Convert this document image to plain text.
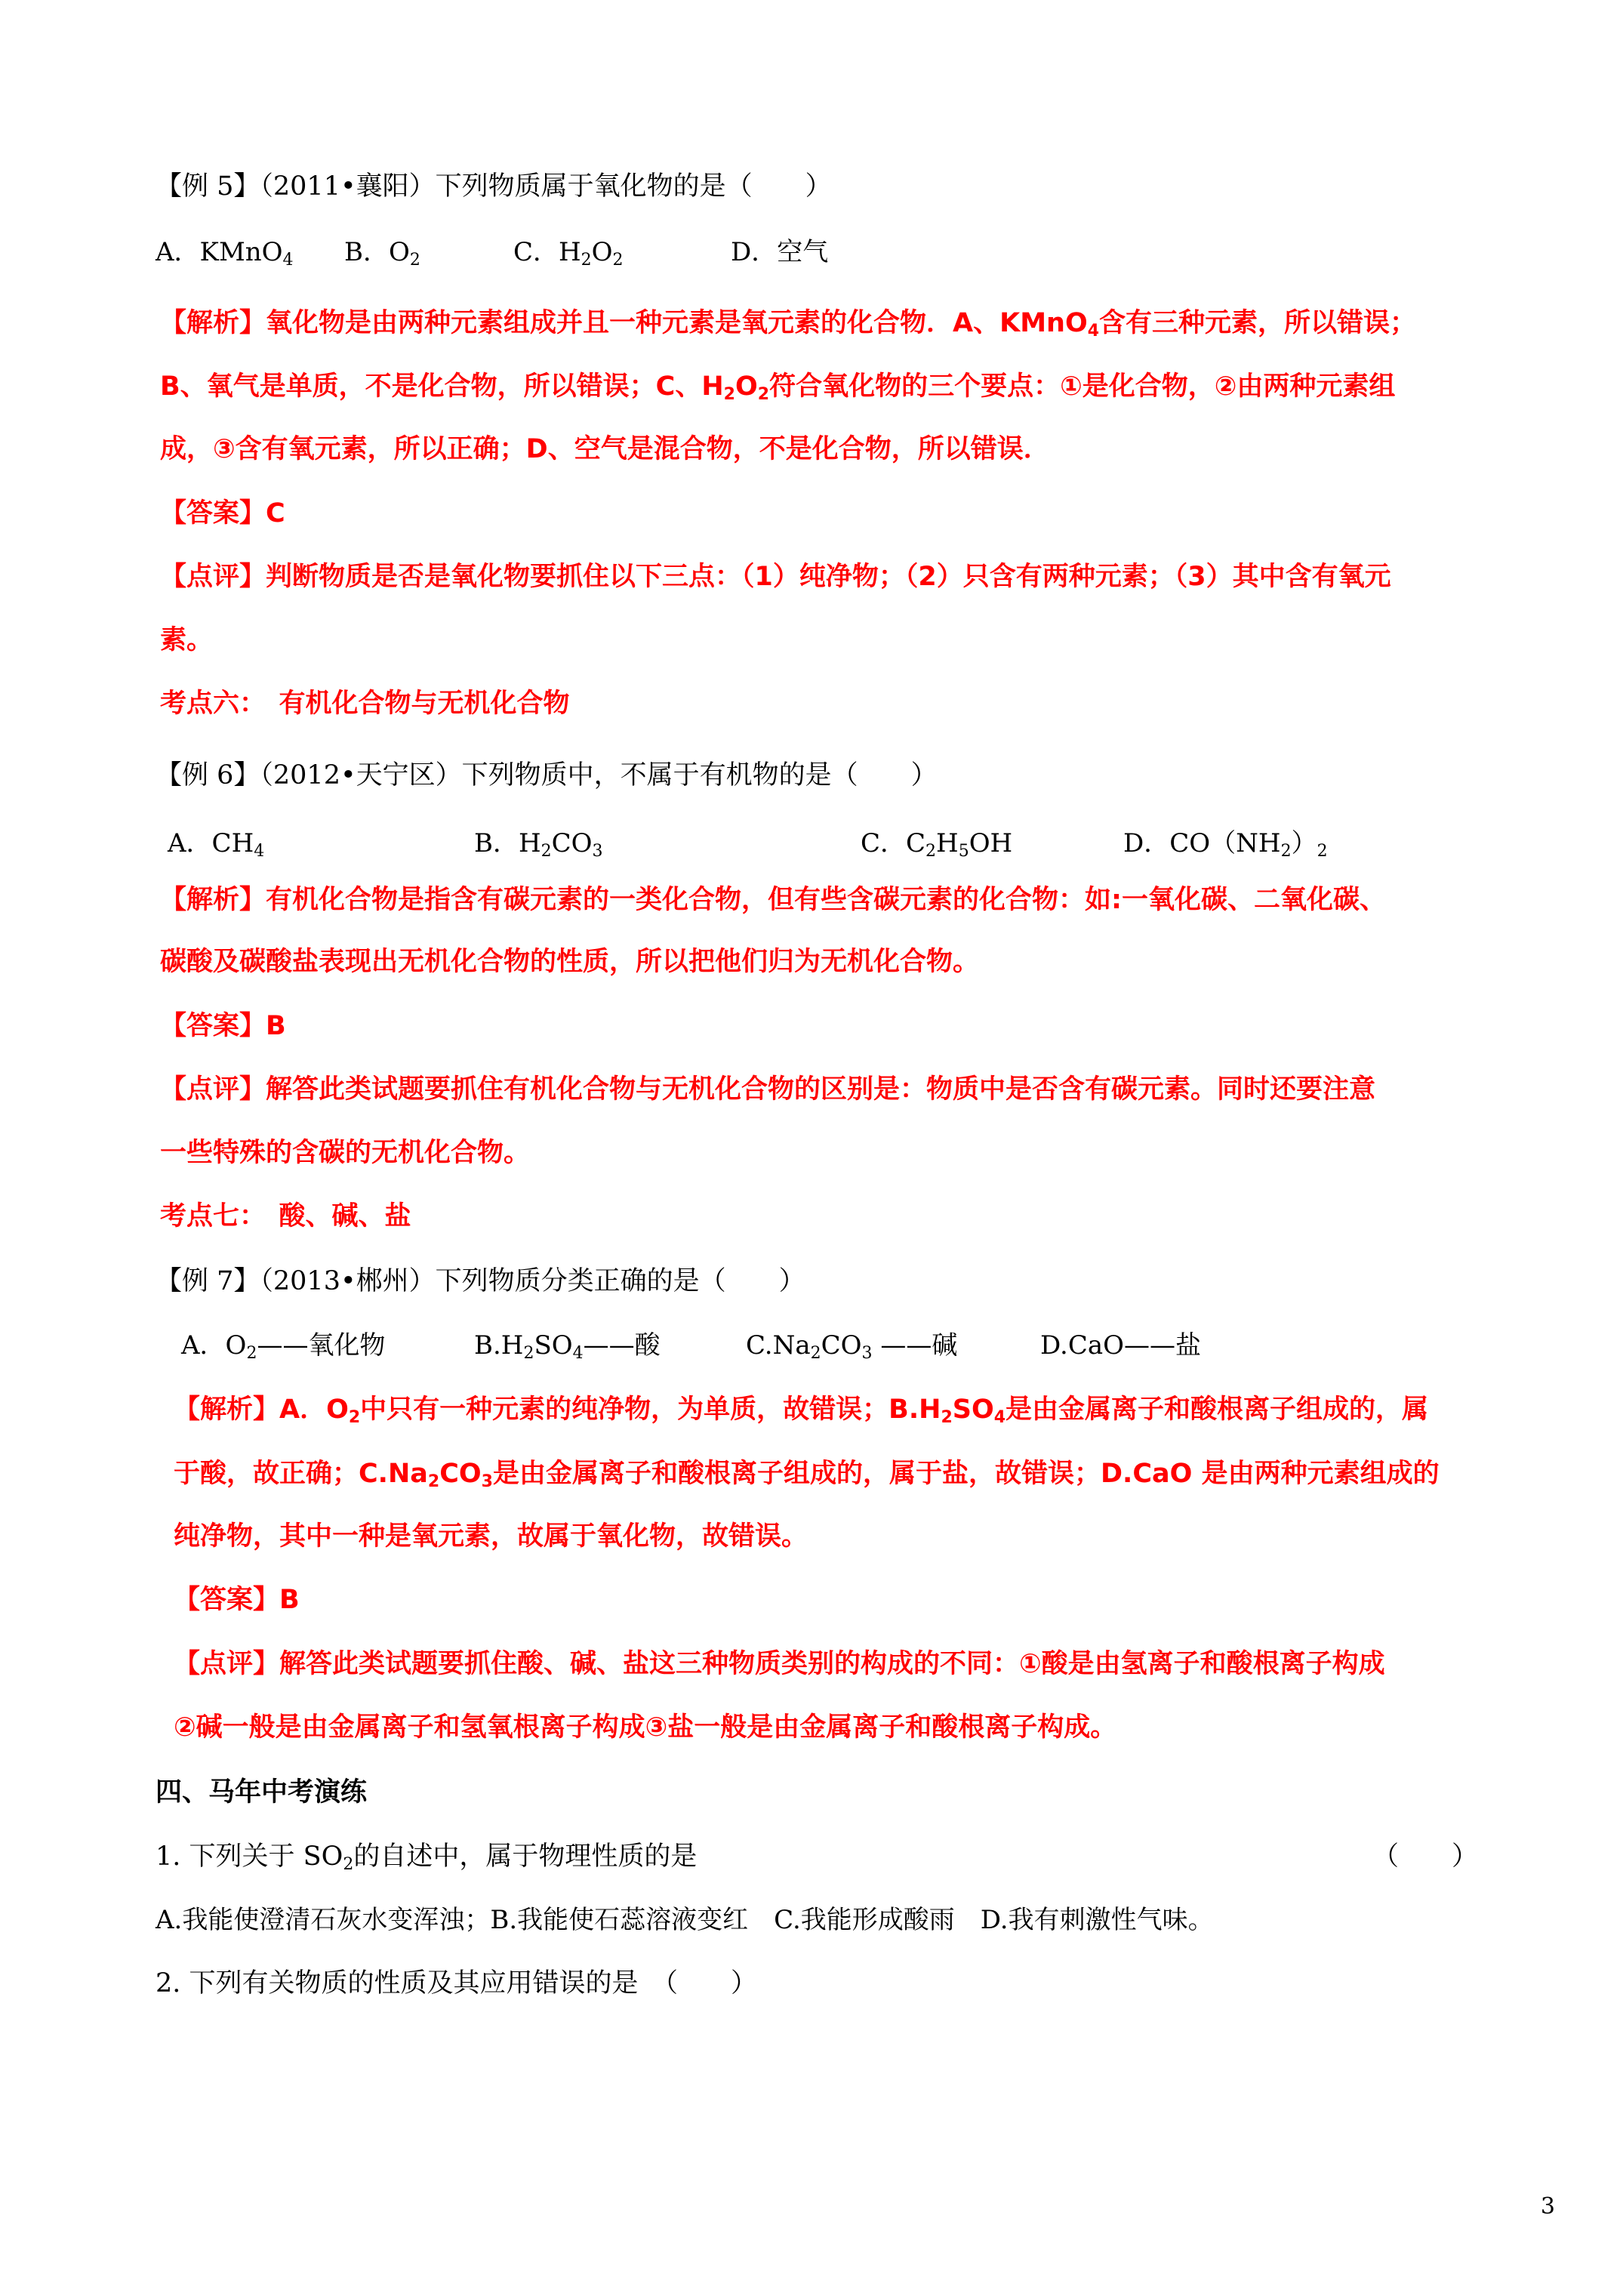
【例 5】（2011•襄阳）下列物质属于氧化物的是（　　）
A．KMnO$_4$ B．$O_2$	C．$H_2O_2$	D．空气
【解析】氧化物是由两种元素组成并且一种元素是氧元素的化合物．A、KMnO$_4$含有三种元素，所以错误；
B、氧气是单质，不是化合物，所以错误；C、$H_2O_2$符合氧化物的三个要点：①是化合物，②由两种元素组
成，③含有氧元素，所以正确；D、空气是混合物，不是化合物，所以错误．
【答案】C
【点评】判断物质是否是氧化物要抓住以下三点：（1）纯净物；（2）只含有两种元素；（3）其中含有氧元
素。
考点六：　有机化合物与无机化合物
【例 6】（2012•天宁区）下列物质中，不属于有机物的是（　　）
A．$CH_4$	B．$H_2CO_3$	C．$C_2H_5OH$	D．$CO(NH_2)_2$
【解析】有机化合物是指含有碳元素的一类化合物，但有些含碳元素的化合物：如:一氧化碳、二氧化碳、
碳酸及碳酸盐表现出无机化合物的性质，所以把他们归为无机化合物。
【答案】B
【点评】解答此类试题要抓住有机化合物与无机化合物的区别是：物质中是否含有碳元素。同时还要注意
一些特殊的含碳的无机化合物。
考点七：　酸、碱、盐
【例 7】（2013•郴州）下列物质分类正确的是（　　）
A．$O_2——$氧化物	$B.H_2SO_4——$酸	$C.Na_2CO_3$ ——碱	D.CaO——盐
【解析】A．$O_2$中只有一种元素的纯净物，为单质，故错误；$B.H_2SO_4$是由金属离子和酸根离子组成的，属
于酸，故正确；$C.Na_2CO_3$是由金属离子和酸根离子组成的，属于盐，故错误；D.CaO 是由两种元素组成的
纯净物，其中一种是氧元素，故属于氧化物，故错误。
【答案】B
【点评】解答此类试题要抓住酸、碱、盐这三种物质类别的构成的不同：①酸是由氢离子和酸根离子构成
②碱一般是由金属离子和氢氧根离子构成③盐一般是由金属离子和酸根离子构成。
四、马年中考演练
1. 下列关于 $SO_2$的自述中，属于物理性质的是	（　　）
A.我能使澄清石灰水变浑浊；B.我能使石蕊溶液变红　C.我能形成酸雨　D.我有刺激性气味。
2. 下列有关物质的性质及其应用错误的是　（　　）
3
